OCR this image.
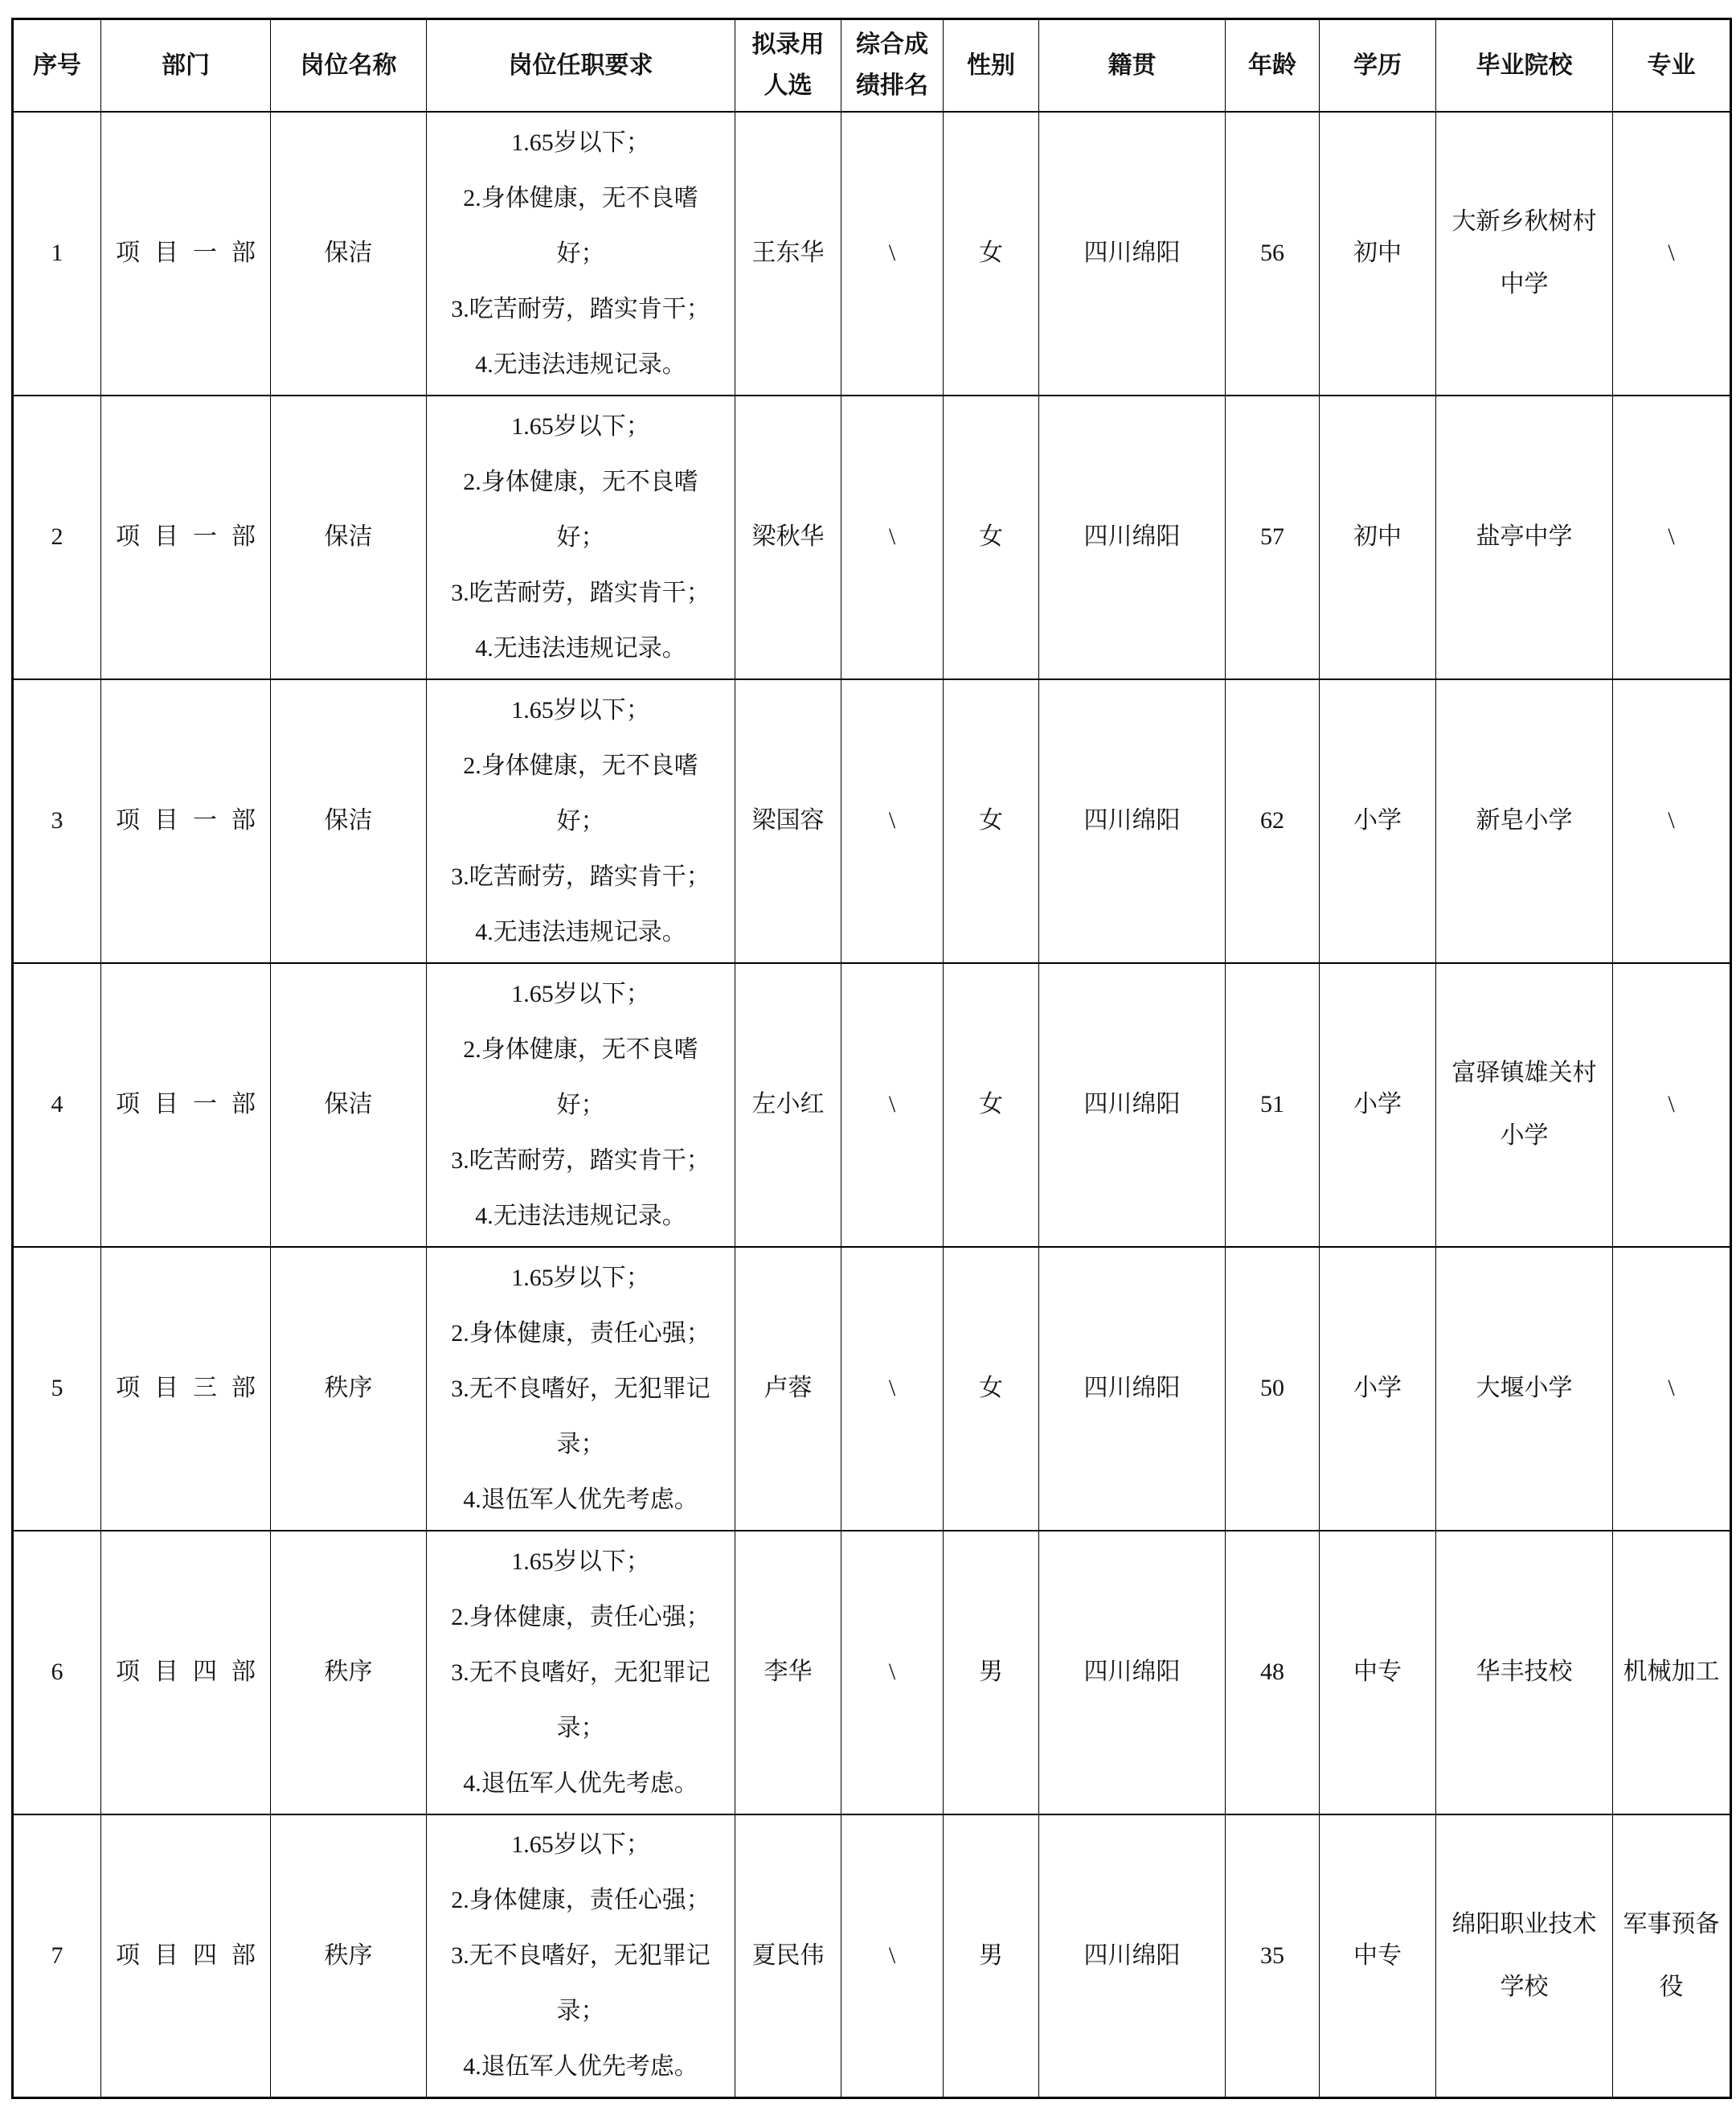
序号	部门	岗位名称	岗位任职要求	拟录用人选	综合成绩排名	性别	籍贯	年龄	学历	毕业院校	专业
1	项目一部	保洁	1.65岁以下；
2.身体健康，无不良嗜好；
3.吃苦耐劳，踏实肯干；
4.无违法违规记录。	王东华	\	女	四川绵阳	56	初中	大新乡秋树村中学	\
2	项目一部	保洁	1.65岁以下；
2.身体健康，无不良嗜好；
3.吃苦耐劳，踏实肯干；
4.无违法违规记录。	梁秋华	\	女	四川绵阳	57	初中	盐亭中学	\
3	项目一部	保洁	1.65岁以下；
2.身体健康，无不良嗜好；
3.吃苦耐劳，踏实肯干；
4.无违法违规记录。	梁国容	\	女	四川绵阳	62	小学	新皂小学	\
4	项目一部	保洁	1.65岁以下；
2.身体健康，无不良嗜好；
3.吃苦耐劳，踏实肯干；
4.无违法违规记录。	左小红	\	女	四川绵阳	51	小学	富驿镇雄关村小学	\
5	项目三部	秩序	1.65岁以下；
2.身体健康，责任心强；
3.无不良嗜好，无犯罪记录；
4.退伍军人优先考虑。	卢蓉	\	女	四川绵阳	50	小学	大堰小学	\
6	项目四部	秩序	1.65岁以下；
2.身体健康，责任心强；
3.无不良嗜好，无犯罪记录；
4.退伍军人优先考虑。	李华	\	男	四川绵阳	48	中专	华丰技校	机械加工
7	项目四部	秩序	1.65岁以下；
2.身体健康，责任心强；
3.无不良嗜好，无犯罪记录；
4.退伍军人优先考虑。	夏民伟	\	男	四川绵阳	35	中专	绵阳职业技术学校	军事预备役
